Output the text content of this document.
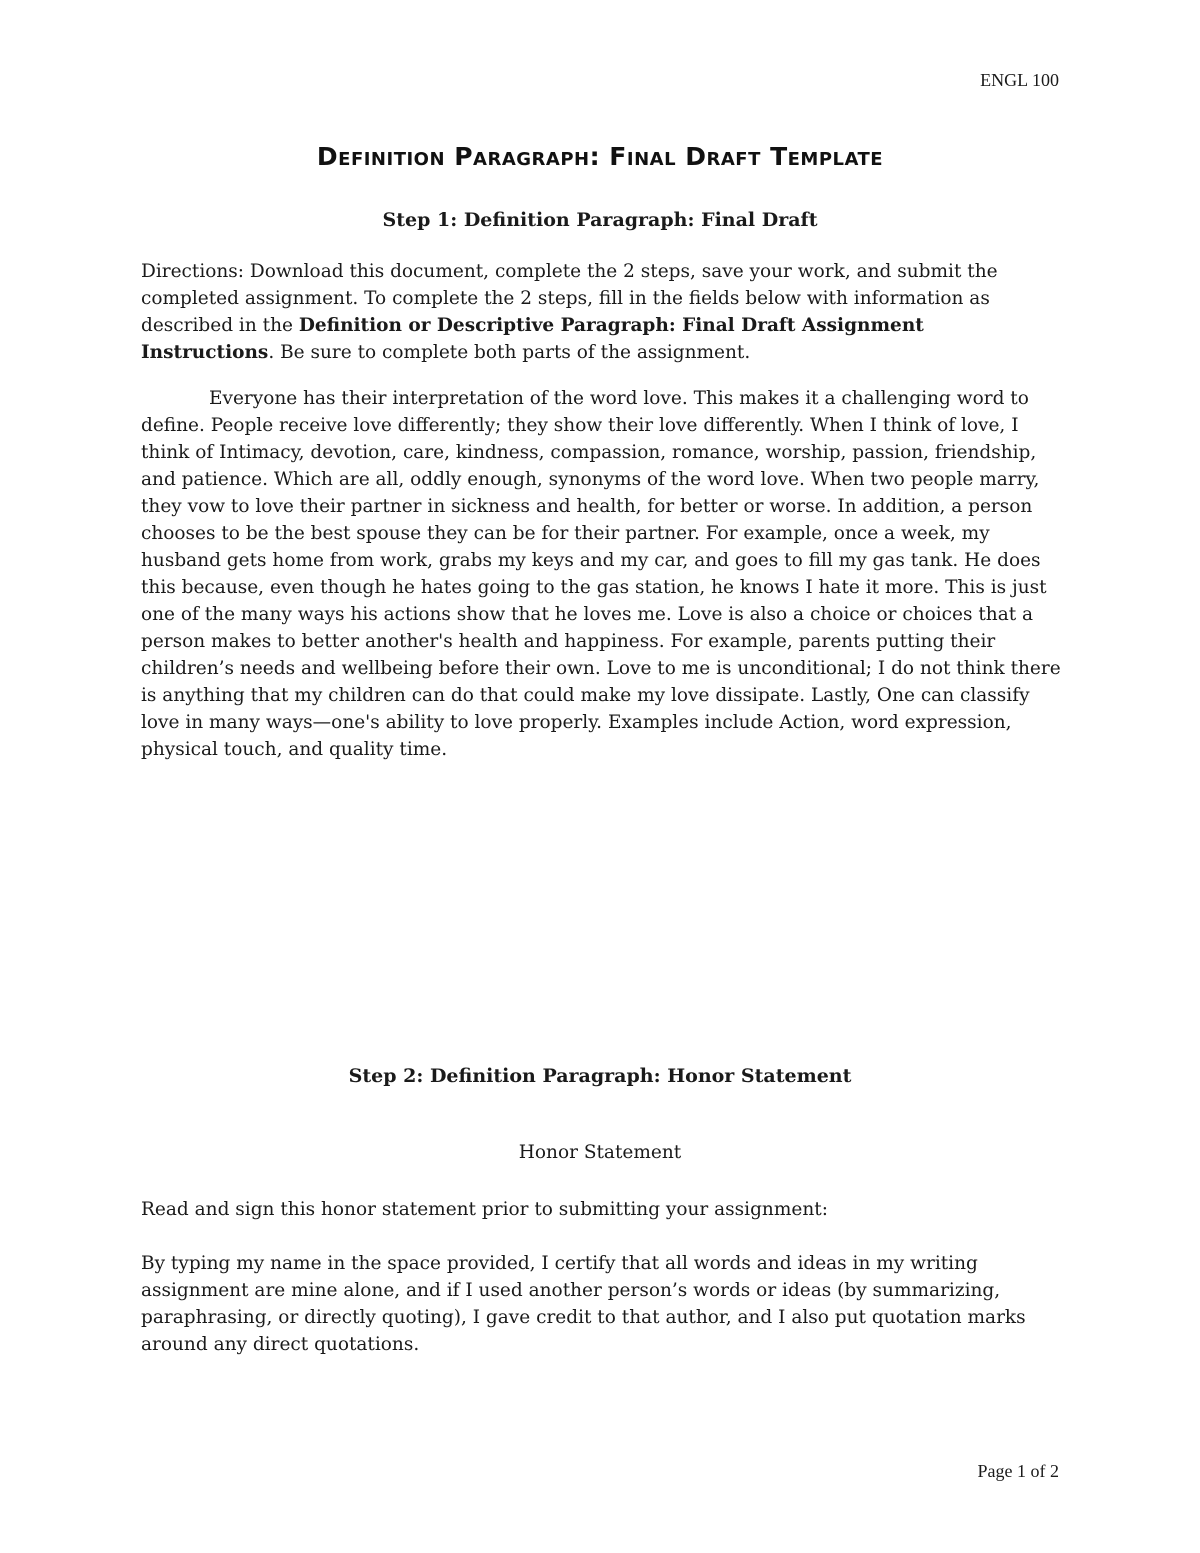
ENGL 100
Definition Paragraph: Final Draft Template
Step 1: Definition Paragraph: Final Draft
Directions: Download this document, complete the 2 steps, save your work, and submit the completed assignment. To complete the 2 steps, fill in the fields below with information as described in the Definition or Descriptive Paragraph: Final Draft Assignment Instructions. Be sure to complete both parts of the assignment.
Everyone has their interpretation of the word love. This makes it a challenging word to define. People receive love differently; they show their love differently. When I think of love, I think of Intimacy, devotion, care, kindness, compassion, romance, worship, passion, friendship, and patience. Which are all, oddly enough, synonyms of the word love. When two people marry, they vow to love their partner in sickness and health, for better or worse. In addition, a person chooses to be the best spouse they can be for their partner. For example, once a week, my husband gets home from work, grabs my keys and my car, and goes to fill my gas tank. He does this because, even though he hates going to the gas station, he knows I hate it more. This is just one of the many ways his actions show that he loves me. Love is also a choice or choices that a person makes to better another's health and happiness. For example, parents putting their children’s needs and wellbeing before their own. Love to me is unconditional; I do not think there is anything that my children can do that could make my love dissipate. Lastly, One can classify love in many ways—one's ability to love properly. Examples include Action, word expression, physical touch, and quality time.
Step 2: Definition Paragraph: Honor Statement
Honor Statement
Read and sign this honor statement prior to submitting your assignment:
By typing my name in the space provided, I certify that all words and ideas in my writing assignment are mine alone, and if I used another person’s words or ideas (by summarizing, paraphrasing, or directly quoting), I gave credit to that author, and I also put quotation marks around any direct quotations.
Page 1 of 2
